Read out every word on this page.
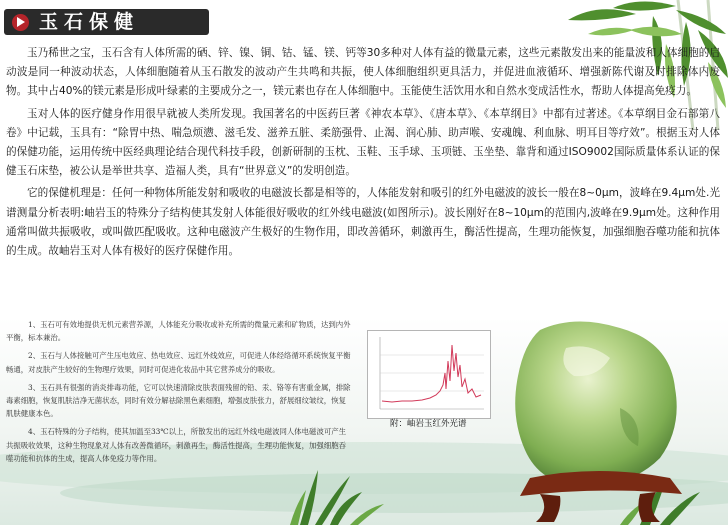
玉石保健

玉乃稀世之宝，玉石含有人体所需的硒、锌、镍、铜、钴、锰、镁、钙等30多种对人体有益的微量元素，这些元素散发出来的能量波和人体细胞的启动波是同一种波动状态，人体细胞随着从玉石散发的波动产生共鸣和共振，使人体细胞组织更具活力，并促进血液循环、增强新陈代谢及时排除体内废物。其中占40%的镁元素是形成叶绿素的主要成分之一，镁元素也存在人体细胞中。玉能使生活饮用水和自然水变成活性水，帮助人体提高免疫力。

玉对人体的医疗健身作用很早就被人类所发现。我国著名的中医药巨著《神农本草》、《唐本草》、《本草纲目》中都有过著述。《本草纲目金石部第八卷》中记载，玉具有：“除胃中热、喘急烦懑、滋毛发、滋养五脏、柔筋强骨、止渴、润心肺、助声喉、安魂魄、利血脉、明耳目等疗效”。根据玉对人体的保健功能，运用传统中医经典理论结合现代科技手段，创新研制的玉枕、玉鞋、玉手球、玉项链、玉坐垫、靠背和通过ISO9002国际质量体系认证的保健玉石床垫，被公认是举世共享、造福人类，具有“世界意义”的发明创造。

它的保健机理是：任何一种物体所能发射和吸收的电磁波长都是相等的，人体能发射和吸引的红外电磁波的波长一般在8~0μm，波峰在9.4μm处.光谱测量分析表明:岫岩玉的特殊分子结构使其发射人体能很好吸收的红外线电磁波(如图所示)。波长刚好在8~10μm的范围内,波峰在9.9μm处。这种作用通常叫做共振吸收，或叫做匹配吸收。这种电磁波产生极好的生物作用，即改善循环，刺激再生，酶活性提高，生理功能恢复，加强细胞吞噬功能和抗体的生成。故岫岩玉对人体有极好的医疗保健作用。

1、玉石可有效地提供无机元素营养源，人体能充分吸收或补充所需的微量元素和矿物质，达到内外平衡，标本兼治。

2、玉石与人体接触可产生压电效应、热电效应、远红外线效应，可促进人体经络循环系统恢复平衡畅通，对皮肤产生较好的生物理疗效果，同时可促进化妆品中其它营养成分的吸收。

3、玉石具有很强的消炎排毒功能，它可以快速清除皮肤表面残留的铅、汞、铬等有害重金属，排除毒素细胞，恢复肌肤洁净无菌状态，同时有效分解祛除黑色素细胞，增强皮肤张力，舒展细纹皱纹，恢复肌肤健康本色。

4、玉石特殊的分子结构，使其加温至33℃以上，所散发出的远红外线电磁波同人体电磁波可产生共振吸收效果，这种生物现象对人体有改善微循环，刺激再生，酶活性提高，生理功能恢复，加强细胞吞噬功能和抗体的生成，提高人体免疫力等作用。

附：岫岩玉红外光谱
